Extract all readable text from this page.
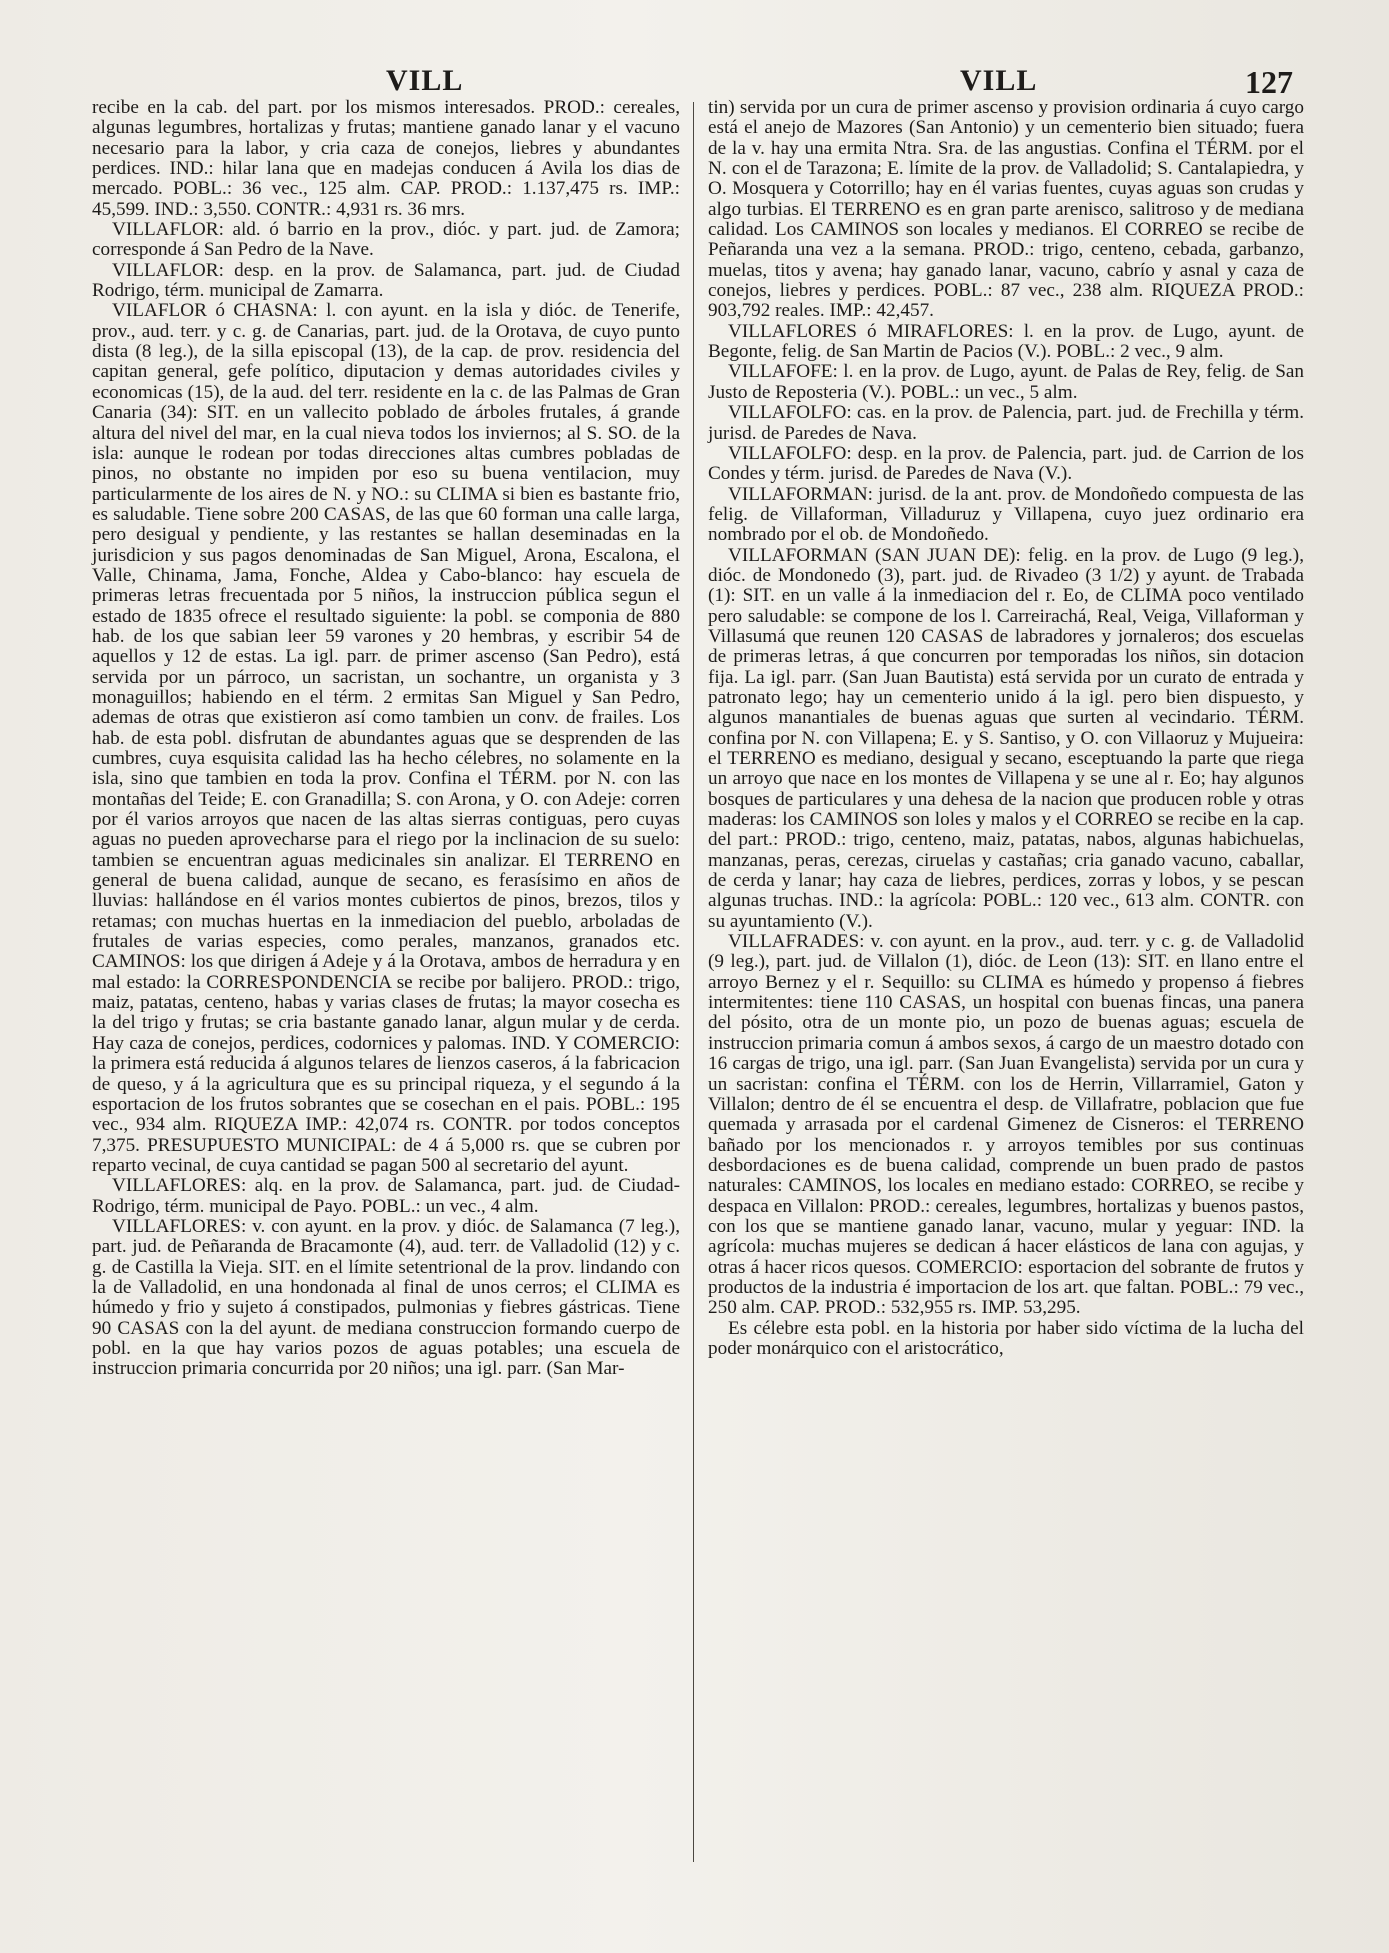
VILL	VILL	127

recibe en la cab. del part. por los mismos interesados. PROD.: cereales, algunas legumbres, hortalizas y frutas; mantiene ganado lanar y el vacuno necesario para la labor, y cria caza de conejos, liebres y abundantes perdices. IND.: hilar lana que en madejas conducen á Avila los dias de mercado. POBL.: 36 vec., 125 alm. CAP. PROD.: 1.137,475 rs. IMP.: 45,599. IND.: 3,550. CONTR.: 4,931 rs. 36 mrs.

VILLAFLOR: ald. ó barrio en la prov., dióc. y part. jud. de Zamora; corresponde á San Pedro de la Nave.

VILLAFLOR: desp. en la prov. de Salamanca, part. jud. de Ciudad Rodrigo, térm. municipal de Zamarra.

VILAFLOR ó CHASNA: l. con ayunt. en la isla y dióc. de Tenerife, prov., aud. terr. y c. g. de Canarias, part. jud. de la Orotava, de cuyo punto dista (8 leg.), de la silla episcopal (13), de la cap. de prov. residencia del capitan general, gefe político, diputacion y demas autoridades civiles y economicas (15), de la aud. del terr. residente en la c. de las Palmas de Gran Canaria (34): SIT. en un vallecito poblado de árboles frutales, á grande altura del nivel del mar, en la cual nieva todos los inviernos; al S. SO. de la isla: aunque le rodean por todas direcciones altas cumbres pobladas de pinos, no obstante no impiden por eso su buena ventilacion, muy particularmente de los aires de N. y NO.: su CLIMA si bien es bastante frio, es saludable. Tiene sobre 200 CASAS, de las que 60 forman una calle larga, pero desigual y pendiente, y las restantes se hallan deseminadas en la jurisdicion y sus pagos denominadas de San Miguel, Arona, Escalona, el Valle, Chinama, Jama, Fonche, Aldea y Cabo-blanco: hay escuela de primeras letras frecuentada por 5 niños, la instruccion pública segun el estado de 1835 ofrece el resultado siguiente: la pobl. se componia de 880 hab. de los que sabian leer 59 varones y 20 hembras, y escribir 54 de aquellos y 12 de estas. La igl. parr. de primer ascenso (San Pedro), está servida por un párroco, un sacristan, un sochantre, un organista y 3 monaguillos; habiendo en el térm. 2 ermitas San Miguel y San Pedro, ademas de otras que existieron así como tambien un conv. de frailes. Los hab. de esta pobl. disfrutan de abundantes aguas que se desprenden de las cumbres, cuya esquisita calidad las ha hecho célebres, no solamente en la isla, sino que tambien en toda la prov. Confina el TÉRM. por N. con las montañas del Teide; E. con Granadilla; S. con Arona, y O. con Adeje: corren por él varios arroyos que nacen de las altas sierras contiguas, pero cuyas aguas no pueden aprovecharse para el riego por la inclinacion de su suelo: tambien se encuentran aguas medicinales sin analizar. El TERRENO en general de buena calidad, aunque de secano, es ferasísimo en años de lluvias: hallándose en él varios montes cubiertos de pinos, brezos, tilos y retamas; con muchas huertas en la inmediacion del pueblo, arboladas de frutales de varias especies, como perales, manzanos, granados etc. CAMINOS: los que dirigen á Adeje y á la Orotava, ambos de herradura y en mal estado: la CORRESPONDENCIA se recibe por balijero. PROD.: trigo, maiz, patatas, centeno, habas y varias clases de frutas; la mayor cosecha es la del trigo y frutas; se cria bastante ganado lanar, algun mular y de cerda. Hay caza de conejos, perdices, codornices y palomas. IND. Y COMERCIO: la primera está reducida á algunos telares de lienzos caseros, á la fabricacion de queso, y á la agricultura que es su principal riqueza, y el segundo á la esportacion de los frutos sobrantes que se cosechan en el pais. POBL.: 195 vec., 934 alm. RIQUEZA IMP.: 42,074 rs. CONTR. por todos conceptos 7,375. PRESUPUESTO MUNICIPAL: de 4 á 5,000 rs. que se cubren por reparto vecinal, de cuya cantidad se pagan 500 al secretario del ayunt.

VILLAFLORES: alq. en la prov. de Salamanca, part. jud. de Ciudad-Rodrigo, térm. municipal de Payo. POBL.: un vec., 4 alm.

VILLAFLORES: v. con ayunt. en la prov. y dióc. de Salamanca (7 leg.), part. jud. de Peñaranda de Bracamonte (4), aud. terr. de Valladolid (12) y c. g. de Castilla la Vieja. SIT. en el límite setentrional de la prov. lindando con la de Valladolid, en una hondonada al final de unos cerros; el CLIMA es húmedo y frio y sujeto á constipados, pulmonias y fiebres gástricas. Tiene 90 CASAS con la del ayunt. de mediana construccion formando cuerpo de pobl. en la que hay varios pozos de aguas potables; una escuela de instruccion primaria concurrida por 20 niños; una igl. parr. (San Mar-

tin) servida por un cura de primer ascenso y provision ordinaria á cuyo cargo está el anejo de Mazores (San Antonio) y un cementerio bien situado; fuera de la v. hay una ermita Ntra. Sra. de las angustias. Confina el TÉRM. por el N. con el de Tarazona; E. límite de la prov. de Valladolid; S. Cantalapiedra, y O. Mosquera y Cotorrillo; hay en él varias fuentes, cuyas aguas son crudas y algo turbias. El TERRENO es en gran parte arenisco, salitroso y de mediana calidad. Los CAMINOS son locales y medianos. El CORREO se recibe de Peñaranda una vez a la semana. PROD.: trigo, centeno, cebada, garbanzo, muelas, titos y avena; hay ganado lanar, vacuno, cabrío y asnal y caza de conejos, liebres y perdices. POBL.: 87 vec., 238 alm. RIQUEZA PROD.: 903,792 reales. IMP.: 42,457.

VILLAFLORES ó MIRAFLORES: l. en la prov. de Lugo, ayunt. de Begonte, felig. de San Martin de Pacios (V.). POBL.: 2 vec., 9 alm.

VILLAFOFE: l. en la prov. de Lugo, ayunt. de Palas de Rey, felig. de San Justo de Reposteria (V.). POBL.: un vec., 5 alm.

VILLAFOLFO: cas. en la prov. de Palencia, part. jud. de Frechilla y térm. jurisd. de Paredes de Nava.

VILLAFOLFO: desp. en la prov. de Palencia, part. jud. de Carrion de los Condes y térm. jurisd. de Paredes de Nava (V.).

VILLAFORMAN: jurisd. de la ant. prov. de Mondoñedo compuesta de las felig. de Villaforman, Villaduruz y Villapena, cuyo juez ordinario era nombrado por el ob. de Mondoñedo.

VILLAFORMAN (SAN JUAN DE): felig. en la prov. de Lugo (9 leg.), dióc. de Mondonedo (3), part. jud. de Rivadeo (3 1/2) y ayunt. de Trabada (1): SIT. en un valle á la inmediacion del r. Eo, de CLIMA poco ventilado pero saludable: se compone de los l. Carreirachá, Real, Veiga, Villaforman y Villasumá que reunen 120 CASAS de labradores y jornaleros; dos escuelas de primeras letras, á que concurren por temporadas los niños, sin dotacion fija. La igl. parr. (San Juan Bautista) está servida por un curato de entrada y patronato lego; hay un cementerio unido á la igl. pero bien dispuesto, y algunos manantiales de buenas aguas que surten al vecindario. TÉRM. confina por N. con Villapena; E. y S. Santiso, y O. con Villaoruz y Mujueira: el TERRENO es mediano, desigual y secano, esceptuando la parte que riega un arroyo que nace en los montes de Villapena y se une al r. Eo; hay algunos bosques de particulares y una dehesa de la nacion que producen roble y otras maderas: los CAMINOS son loles y malos y el CORREO se recibe en la cap. del part.: PROD.: trigo, centeno, maiz, patatas, nabos, algunas habichuelas, manzanas, peras, cerezas, ciruelas y castañas; cria ganado vacuno, caballar, de cerda y lanar; hay caza de liebres, perdices, zorras y lobos, y se pescan algunas truchas. IND.: la agrícola: POBL.: 120 vec., 613 alm. CONTR. con su ayuntamiento (V.).

VILLAFRADES: v. con ayunt. en la prov., aud. terr. y c. g. de Valladolid (9 leg.), part. jud. de Villalon (1), dióc. de Leon (13): SIT. en llano entre el arroyo Bernez y el r. Sequillo: su CLIMA es húmedo y propenso á fiebres intermitentes: tiene 110 CASAS, un hospital con buenas fincas, una panera del pósito, otra de un monte pio, un pozo de buenas aguas; escuela de instruccion primaria comun á ambos sexos, á cargo de un maestro dotado con 16 cargas de trigo, una igl. parr. (San Juan Evangelista) servida por un cura y un sacristan: confina el TÉRM. con los de Herrin, Villarramiel, Gaton y Villalon; dentro de él se encuentra el desp. de Villafratre, poblacion que fue quemada y arrasada por el cardenal Gimenez de Cisneros: el TERRENO bañado por los mencionados r. y arroyos temibles por sus continuas desbordaciones es de buena calidad, comprende un buen prado de pastos naturales: CAMINOS, los locales en mediano estado: CORREO, se recibe y despaca en Villalon: PROD.: cereales, legumbres, hortalizas y buenos pastos, con los que se mantiene ganado lanar, vacuno, mular y yeguar: IND. la agrícola: muchas mujeres se dedican á hacer elásticos de lana con agujas, y otras á hacer ricos quesos. COMERCIO: esportacion del sobrante de frutos y productos de la industria é importacion de los art. que faltan. POBL.: 79 vec., 250 alm. CAP. PROD.: 532,955 rs. IMP. 53,295.

Es célebre esta pobl. en la historia por haber sido víctima de la lucha del poder monárquico con el aristocrático,
